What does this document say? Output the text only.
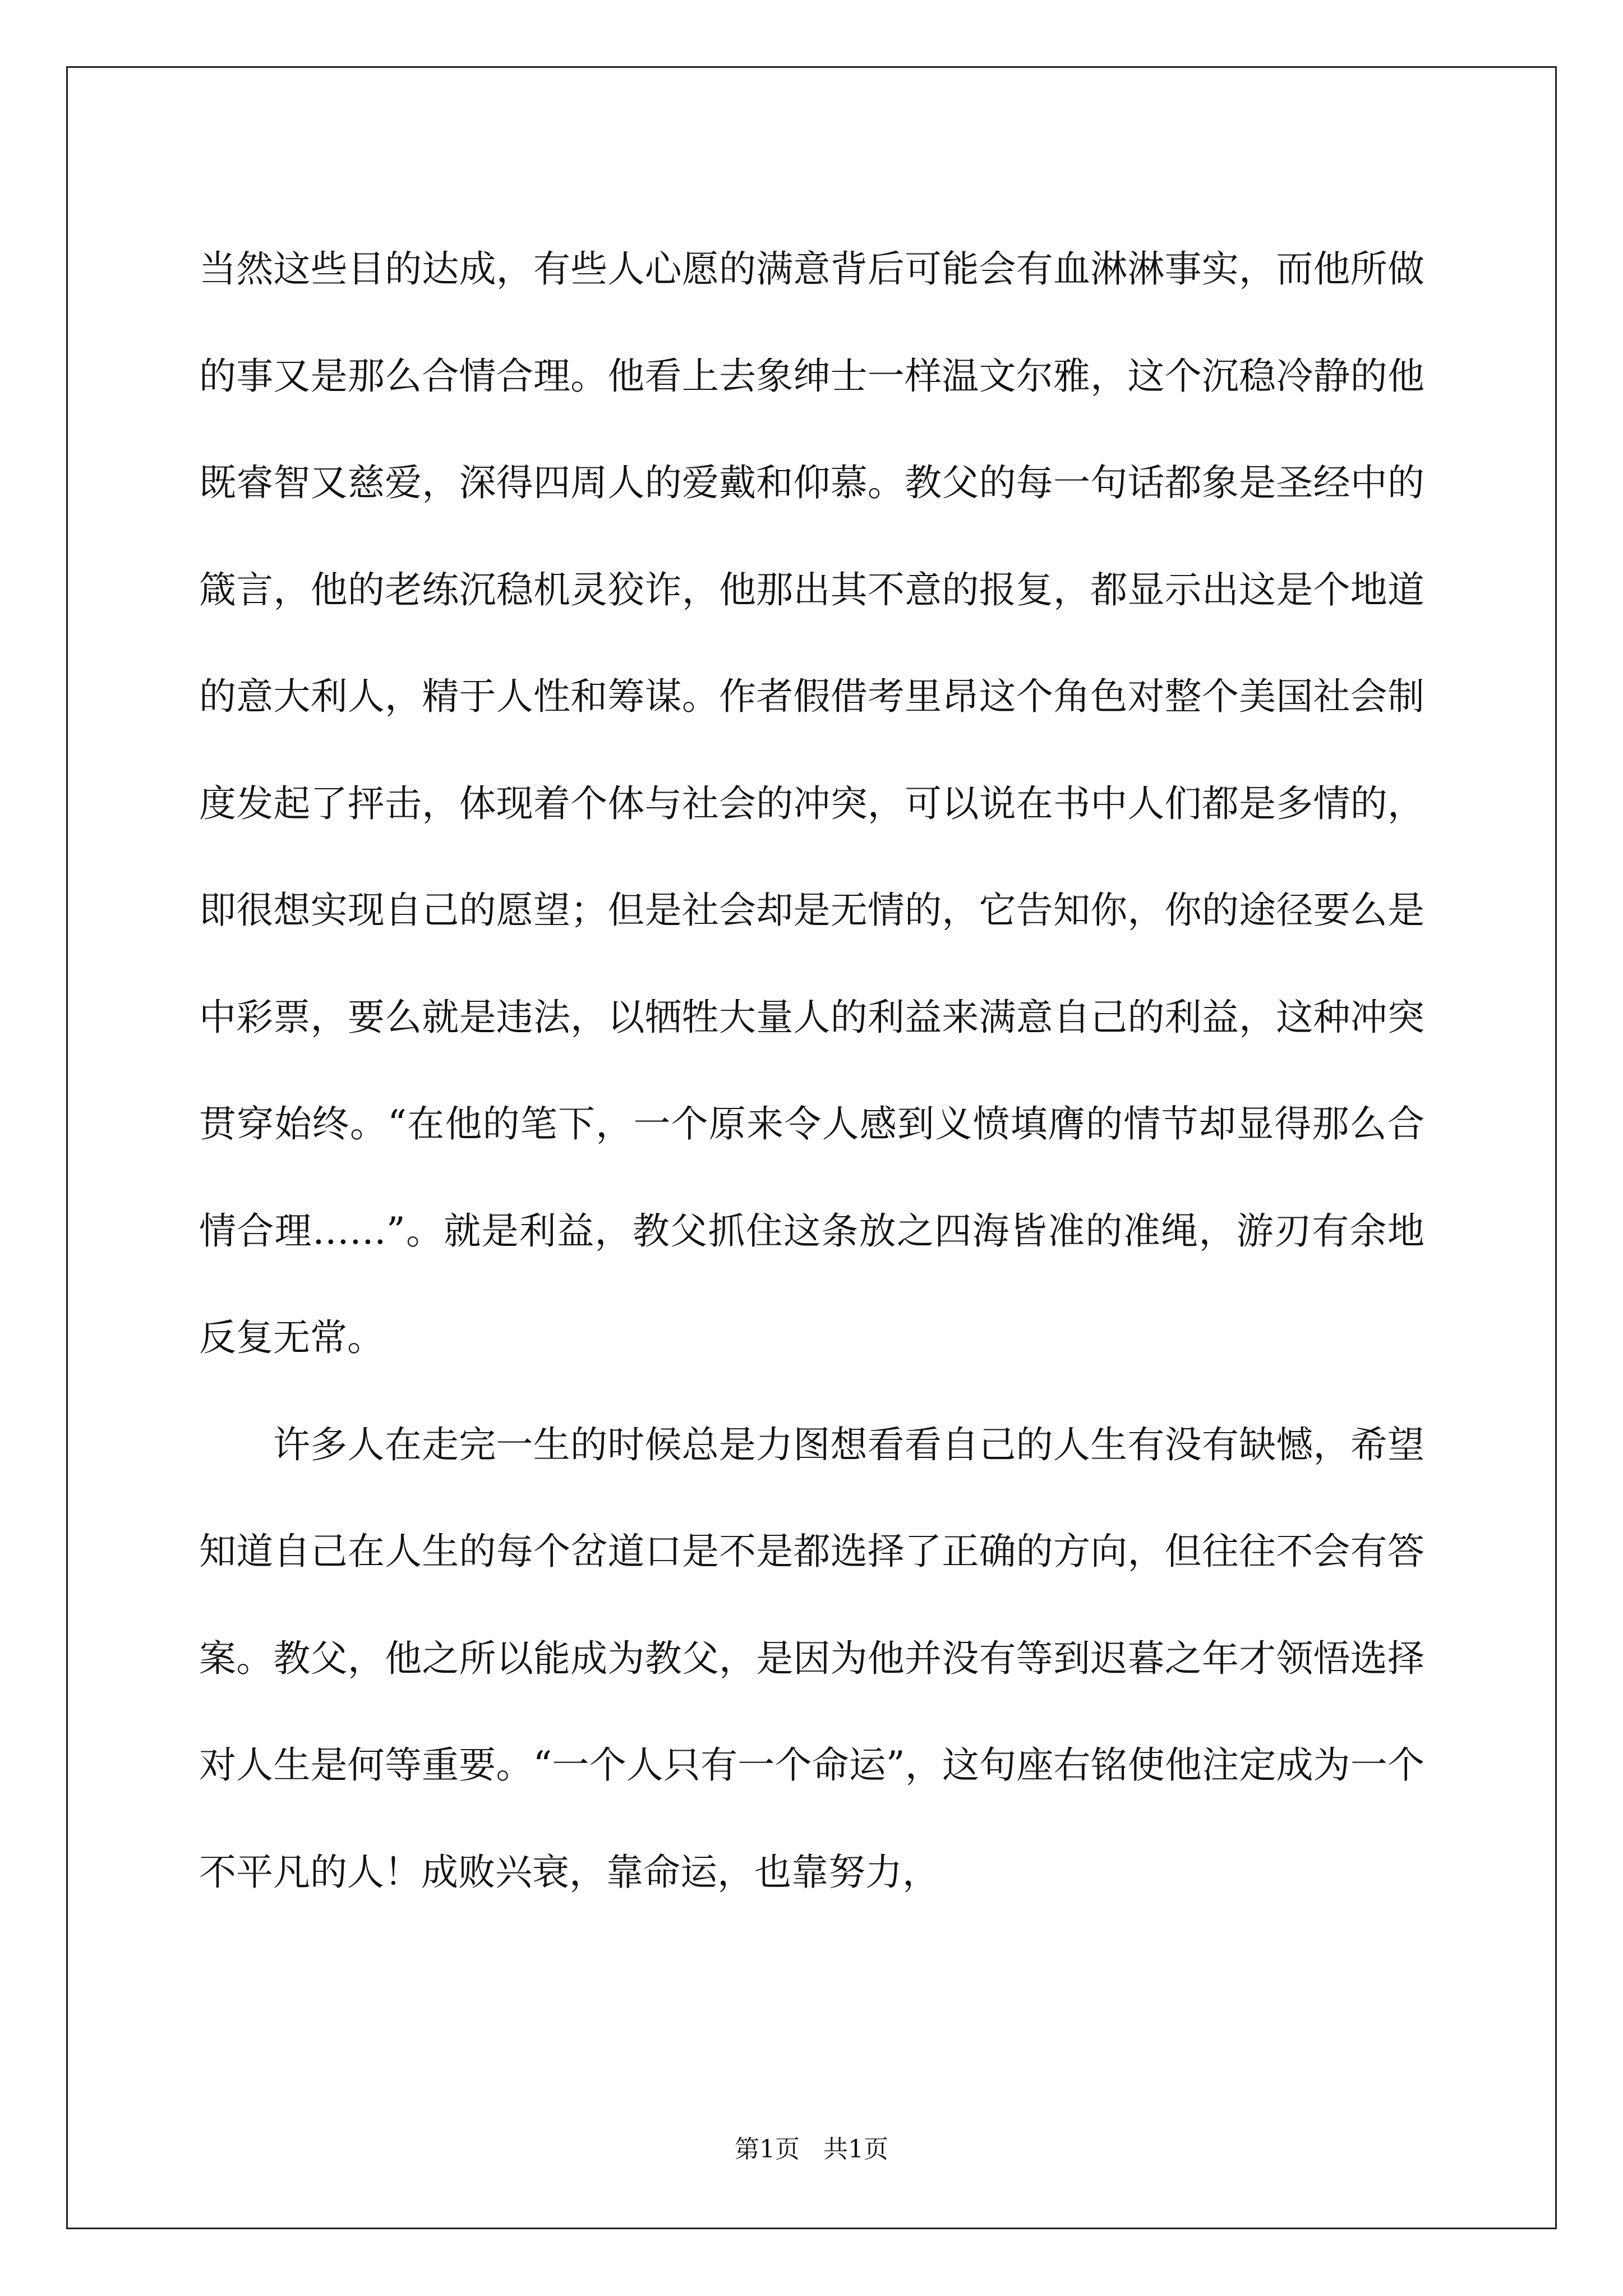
当然这些目的达成，有些人心愿的满意背后可能会有血淋淋事实，而他所做的事又是那么合情合理。他看上去象绅士一样温文尔雅，这个沉稳冷静的他既睿智又慈爱，深得四周人的爱戴和仰慕。教父的每一句话都象是圣经中的箴言，他的老练沉稳机灵狡诈，他那出其不意的报复，都显示出这是个地道的意大利人，精于人性和筹谋。作者假借考里昂这个角色对整个美国社会制度发起了抨击，体现着个体与社会的冲突，可以说在书中人们都是多情的，即很想实现自己的愿望；但是社会却是无情的，它告知你，你的途径要么是中彩票，要么就是违法，以牺牲大量人的利益来满意自己的利益，这种冲突贯穿始终。“在他的笔下，一个原来令人感到义愤填膺的情节却显得那么合情合理……”。就是利益，教父抓住这条放之四海皆准的准绳，游刃有余地反复无常。

许多人在走完一生的时候总是力图想看看自己的人生有没有缺憾，希望知道自己在人生的每个岔道口是不是都选择了正确的方向，但往往不会有答案。教父，他之所以能成为教父，是因为他并没有等到迟暮之年才领悟选择对人生是何等重要。“一个人只有一个命运”，这句座右铭使他注定成为一个不平凡的人！成败兴衰，靠命运，也靠努力，

第1页   共1页
